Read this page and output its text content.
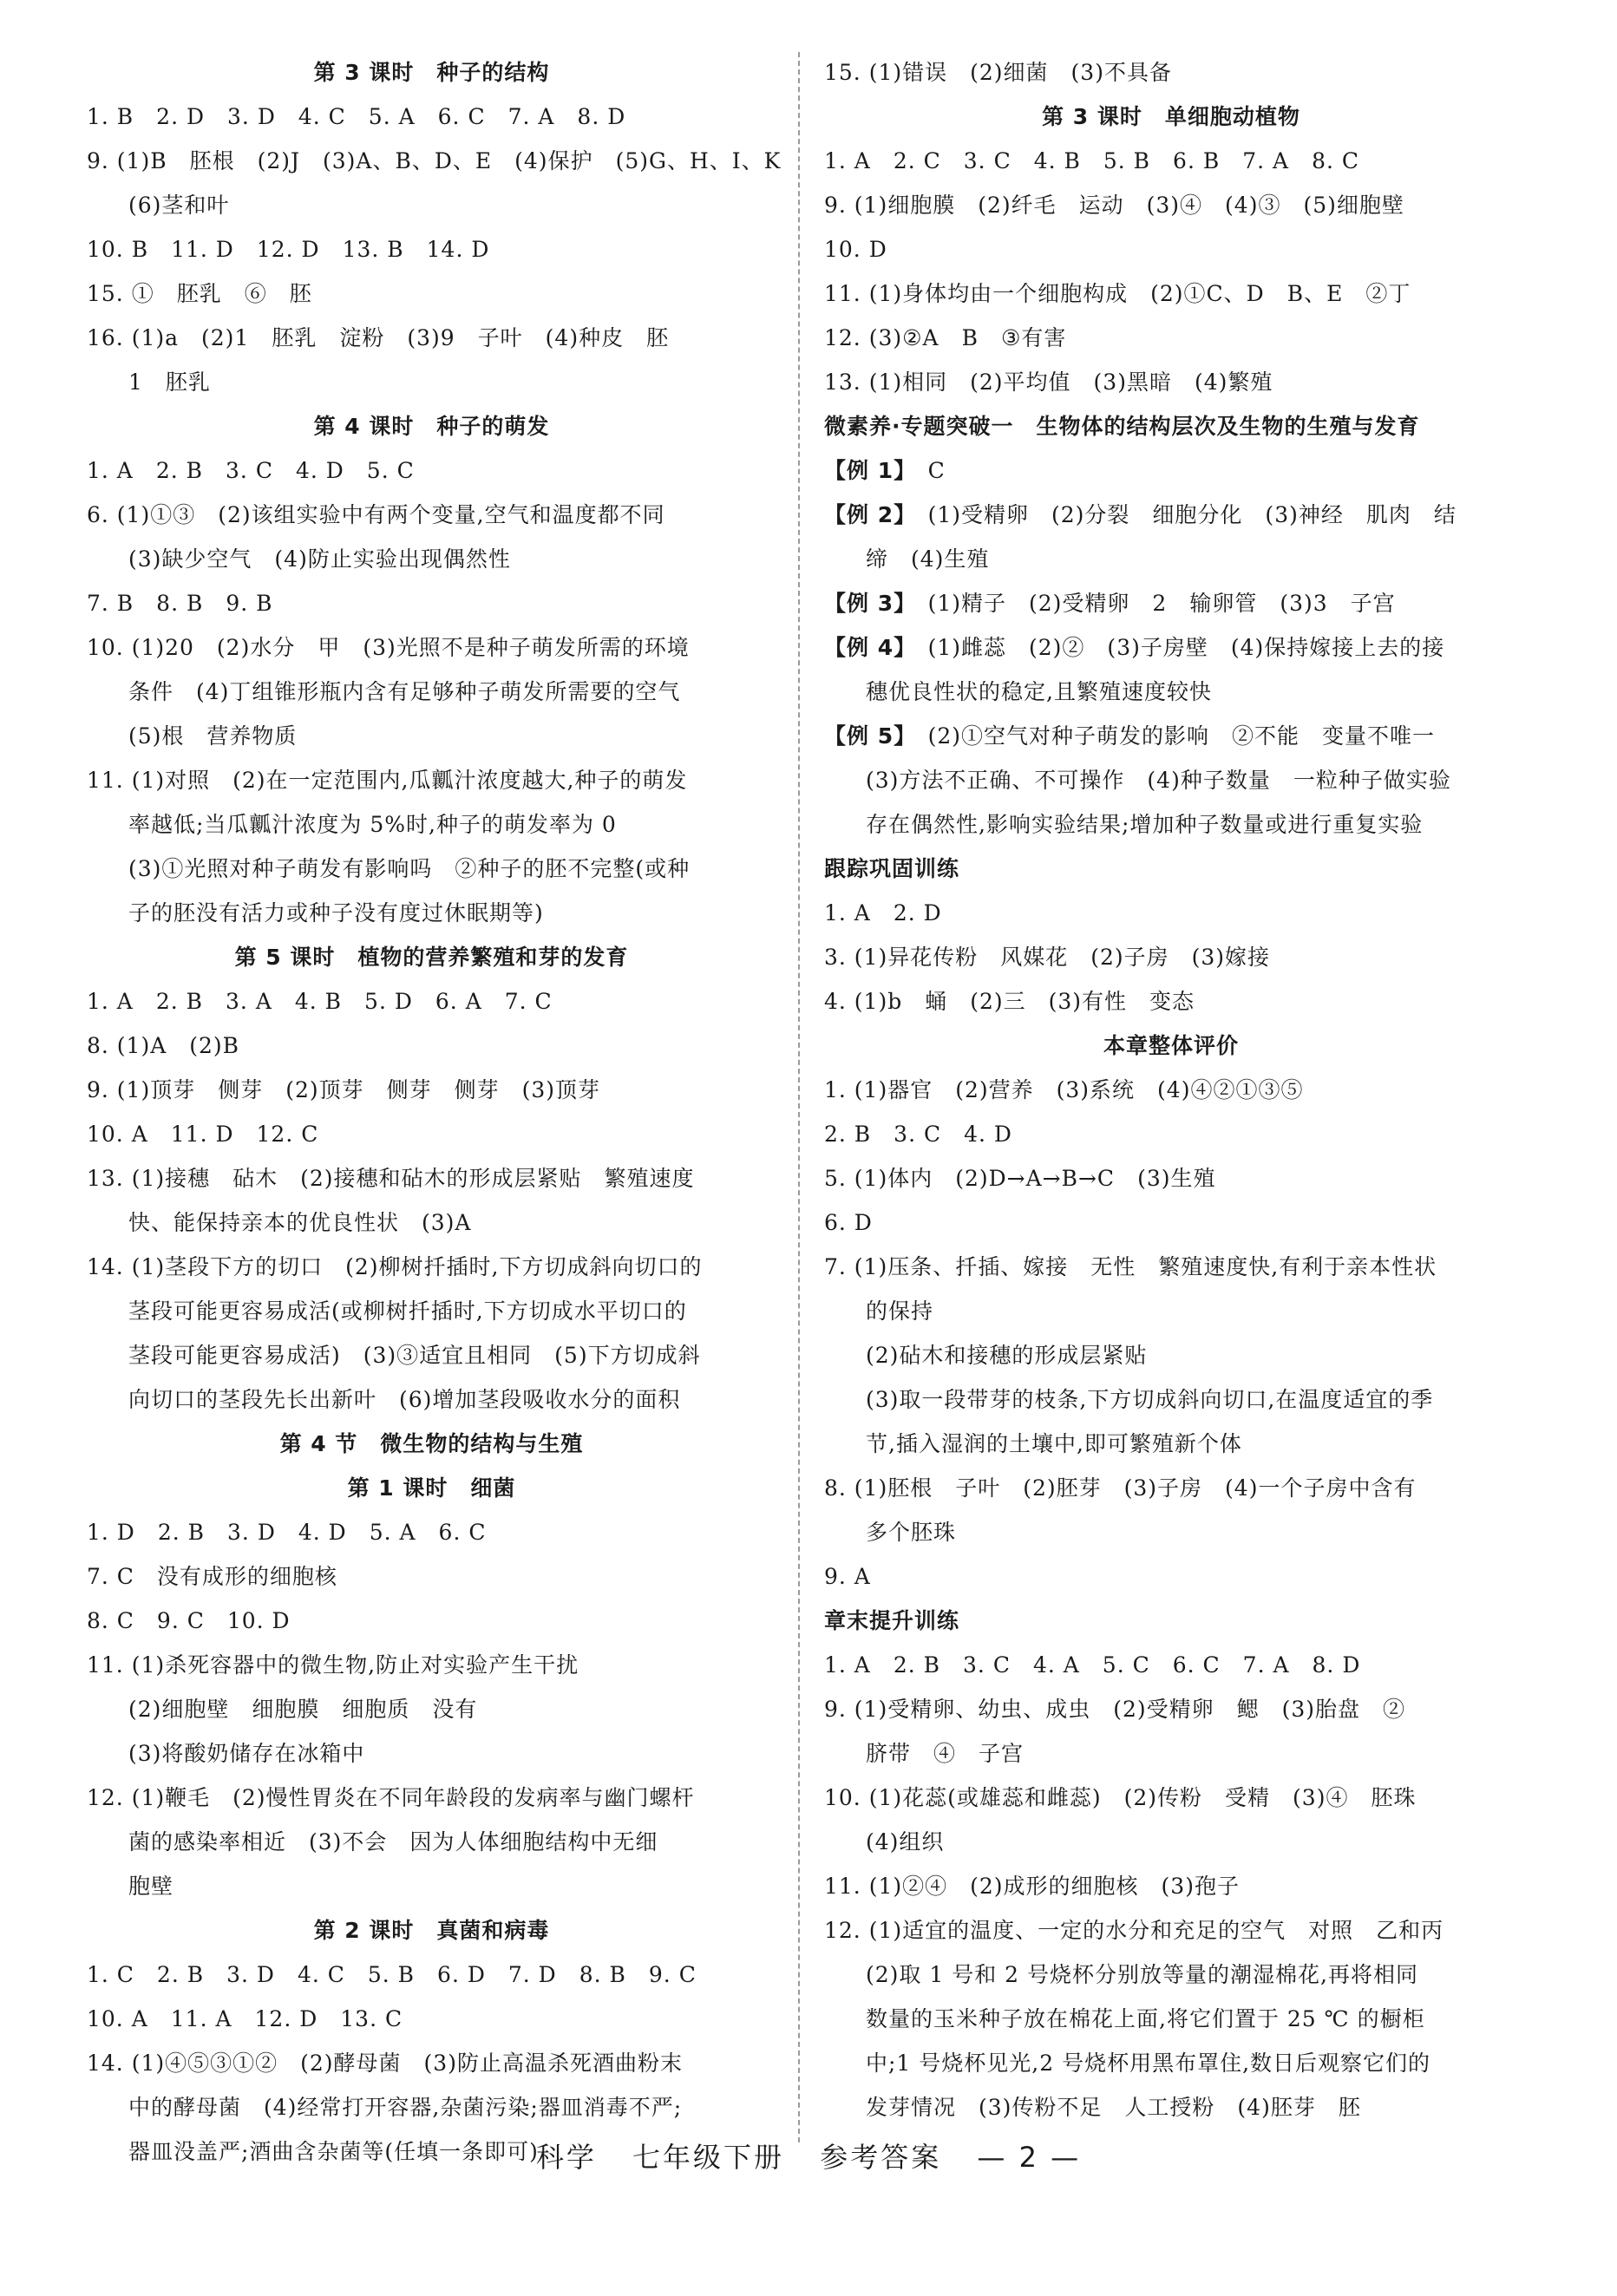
第 3 课时　种子的结构
1. B　2. D　3. D　4. C　5. A　6. C　7. A　8. D
9. (1)B　胚根　(2)J　(3)A、B、D、E　(4)保护　(5)G、H、I、K
(6)茎和叶
10. B　11. D　12. D　13. B　14. D
15. ①　胚乳　⑥　胚
16. (1)a　(2)1　胚乳　淀粉　(3)9　子叶　(4)种皮　胚
1　胚乳
第 4 课时　种子的萌发
1. A　2. B　3. C　4. D　5. C
6. (1)①③　(2)该组实验中有两个变量,空气和温度都不同
(3)缺少空气　(4)防止实验出现偶然性
7. B　8. B　9. B
10. (1)20　(2)水分　甲　(3)光照不是种子萌发所需的环境
条件　(4)丁组锥形瓶内含有足够种子萌发所需要的空气
(5)根　营养物质
11. (1)对照　(2)在一定范围内,瓜瓤汁浓度越大,种子的萌发
率越低;当瓜瓤汁浓度为 5%时,种子的萌发率为 0
(3)①光照对种子萌发有影响吗　②种子的胚不完整(或种
子的胚没有活力或种子没有度过休眠期等)
第 5 课时　植物的营养繁殖和芽的发育
1. A　2. B　3. A　4. B　5. D　6. A　7. C
8. (1)A　(2)B
9. (1)顶芽　侧芽　(2)顶芽　侧芽　侧芽　(3)顶芽
10. A　11. D　12. C
13. (1)接穗　砧木　(2)接穗和砧木的形成层紧贴　繁殖速度
快、能保持亲本的优良性状　(3)A
14. (1)茎段下方的切口　(2)柳树扦插时,下方切成斜向切口的
茎段可能更容易成活(或柳树扦插时,下方切成水平切口的
茎段可能更容易成活)　(3)③适宜且相同　(5)下方切成斜
向切口的茎段先长出新叶　(6)增加茎段吸收水分的面积
第 4 节　微生物的结构与生殖
第 1 课时　细菌
1. D　2. B　3. D　4. D　5. A　6. C
7. C　没有成形的细胞核
8. C　9. C　10. D
11. (1)杀死容器中的微生物,防止对实验产生干扰
(2)细胞壁　细胞膜　细胞质　没有
(3)将酸奶储存在冰箱中
12. (1)鞭毛　(2)慢性胃炎在不同年龄段的发病率与幽门螺杆
菌的感染率相近　(3)不会　因为人体细胞结构中无细
胞壁
第 2 课时　真菌和病毒
1. C　2. B　3. D　4. C　5. B　6. D　7. D　8. B　9. C
10. A　11. A　12. D　13. C
14. (1)④⑤③①②　(2)酵母菌　(3)防止高温杀死酒曲粉末
中的酵母菌　(4)经常打开容器,杂菌污染;器皿消毒不严;
器皿没盖严;酒曲含杂菌等(任填一条即可)
15. (1)错误　(2)细菌　(3)不具备
第 3 课时　单细胞动植物
1. A　2. C　3. C　4. B　5. B　6. B　7. A　8. C
9. (1)细胞膜　(2)纤毛　运动　(3)④　(4)③　(5)细胞壁
10. D
11. (1)身体均由一个细胞构成　(2)①C、D　B、E　②丁
12. (3)②A　B　③有害
13. (1)相同　(2)平均值　(3)黑暗　(4)繁殖
微素养·专题突破一　生物体的结构层次及生物的生殖与发育
【例 1】　C
【例 2】　(1)受精卵　(2)分裂　细胞分化　(3)神经　肌肉　结
缔　(4)生殖
【例 3】　(1)精子　(2)受精卵　2　输卵管　(3)3　子宫
【例 4】　(1)雌蕊　(2)②　(3)子房壁　(4)保持嫁接上去的接
穗优良性状的稳定,且繁殖速度较快
【例 5】　(2)①空气对种子萌发的影响　②不能　变量不唯一
(3)方法不正确、不可操作　(4)种子数量　一粒种子做实验
存在偶然性,影响实验结果;增加种子数量或进行重复实验
跟踪巩固训练
1. A　2. D
3. (1)异花传粉　风媒花　(2)子房　(3)嫁接
4. (1)b　蛹　(2)三　(3)有性　变态
本章整体评价
1. (1)器官　(2)营养　(3)系统　(4)④②①③⑤
2. B　3. C　4. D
5. (1)体内　(2)D→A→B→C　(3)生殖
6. D
7. (1)压条、扦插、嫁接　无性　繁殖速度快,有利于亲本性状
的保持
(2)砧木和接穗的形成层紧贴
(3)取一段带芽的枝条,下方切成斜向切口,在温度适宜的季
节,插入湿润的土壤中,即可繁殖新个体
8. (1)胚根　子叶　(2)胚芽　(3)子房　(4)一个子房中含有
多个胚珠
9. A
章末提升训练
1. A　2. B　3. C　4. A　5. C　6. C　7. A　8. D
9. (1)受精卵、幼虫、成虫　(2)受精卵　鳃　(3)胎盘　②
脐带　④　子宫
10. (1)花蕊(或雄蕊和雌蕊)　(2)传粉　受精　(3)④　胚珠
(4)组织
11. (1)②④　(2)成形的细胞核　(3)孢子
12. (1)适宜的温度、一定的水分和充足的空气　对照　乙和丙
(2)取 1 号和 2 号烧杯分别放等量的潮湿棉花,再将相同
数量的玉米种子放在棉花上面,将它们置于 25 ℃ 的橱柜
中;1 号烧杯见光,2 号烧杯用黑布罩住,数日后观察它们的
发芽情况　(3)传粉不足　人工授粉　(4)胚芽　胚
科学 七年级下册 参考答案 — 2 —
